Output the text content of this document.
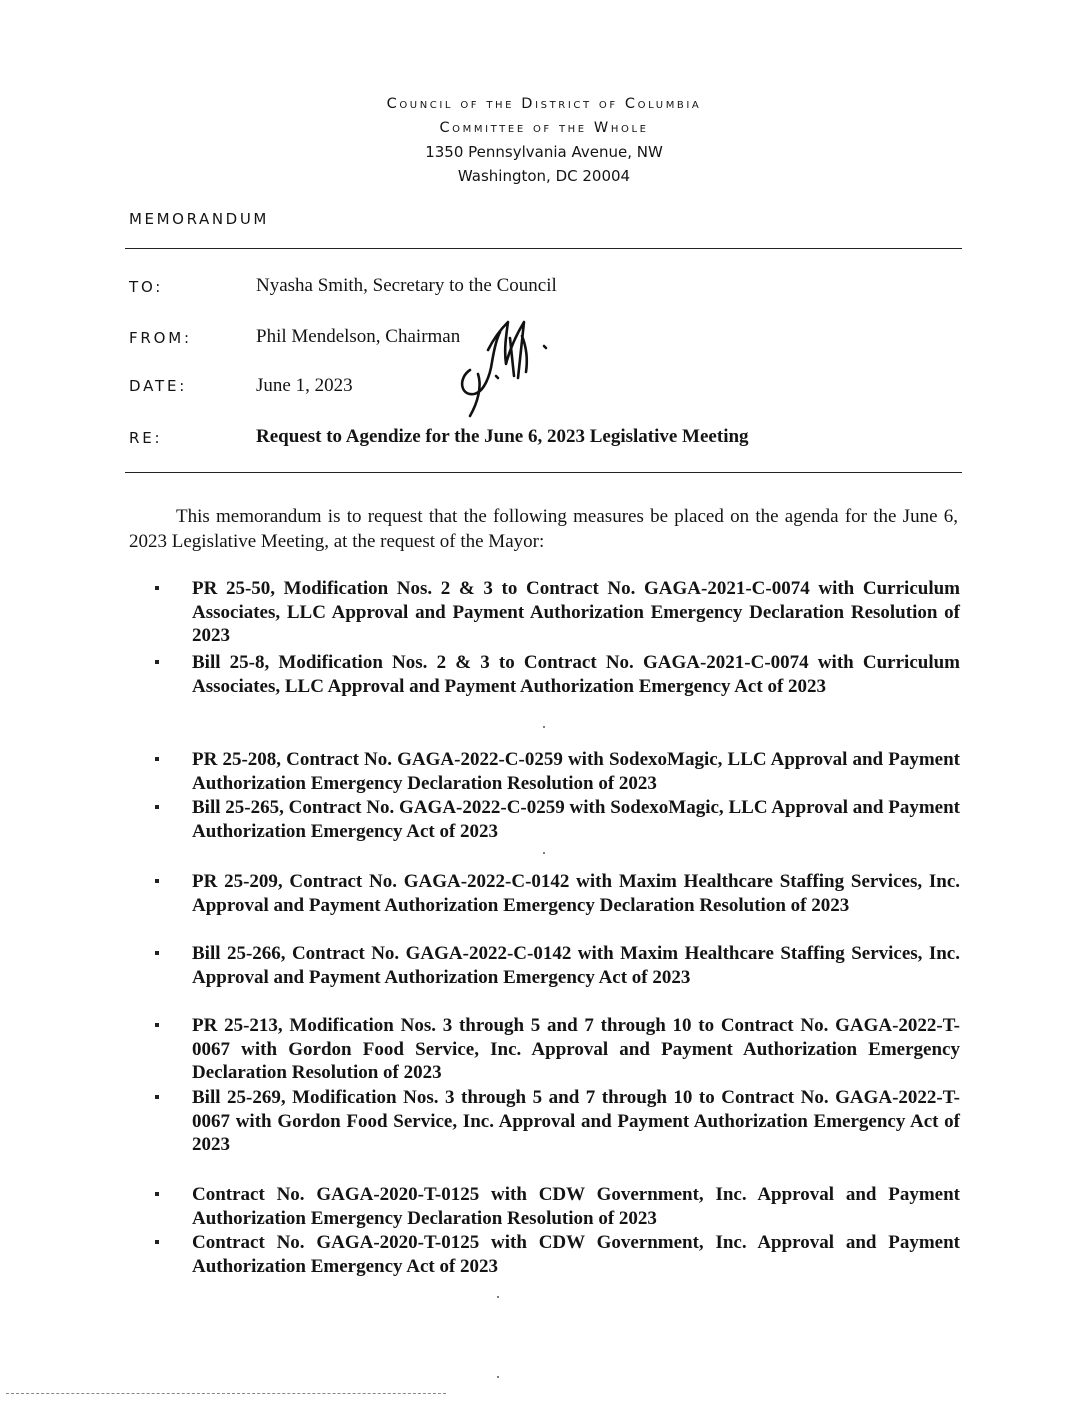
Council of the District of Columbia
Committee of the Whole
1350 Pennsylvania Avenue, NW
Washington, DC 20004
MEMORANDUM
TO:	Nyasha Smith, Secretary to the Council
FROM:	Phil Mendelson, Chairman
DATE:	June 1, 2023
RE:	Request to Agendize for the June 6, 2023 Legislative Meeting

This memorandum is to request that the following measures be placed on the agenda for the June 6, 2023 Legislative Meeting, at the request of the Mayor:

PR 25-50, Modification Nos. 2 & 3 to Contract No. GAGA-2021-C-0074 with Curriculum Associates, LLC Approval and Payment Authorization Emergency Declaration Resolution of 2023
Bill 25-8, Modification Nos. 2 & 3 to Contract No. GAGA-2021-C-0074 with Curriculum Associates, LLC Approval and Payment Authorization Emergency Act of 2023
PR 25-208, Contract No. GAGA-2022-C-0259 with SodexoMagic, LLC Approval and Payment Authorization Emergency Declaration Resolution of 2023
Bill 25-265, Contract No. GAGA-2022-C-0259 with SodexoMagic, LLC Approval and Payment Authorization Emergency Act of 2023
PR 25-209, Contract No. GAGA-2022-C-0142 with Maxim Healthcare Staffing Services, Inc. Approval and Payment Authorization Emergency Declaration Resolution of 2023
Bill 25-266, Contract No. GAGA-2022-C-0142 with Maxim Healthcare Staffing Services, Inc. Approval and Payment Authorization Emergency Act of 2023
PR 25-213, Modification Nos. 3 through 5 and 7 through 10 to Contract No. GAGA-2022-T-0067 with Gordon Food Service, Inc. Approval and Payment Authorization Emergency Declaration Resolution of 2023
Bill 25-269, Modification Nos. 3 through 5 and 7 through 10 to Contract No. GAGA-2022-T-0067 with Gordon Food Service, Inc. Approval and Payment Authorization Emergency Act of 2023
Contract No. GAGA-2020-T-0125 with CDW Government, Inc. Approval and Payment Authorization Emergency Declaration Resolution of 2023
Contract No. GAGA-2020-T-0125 with CDW Government, Inc. Approval and Payment Authorization Emergency Act of 2023
